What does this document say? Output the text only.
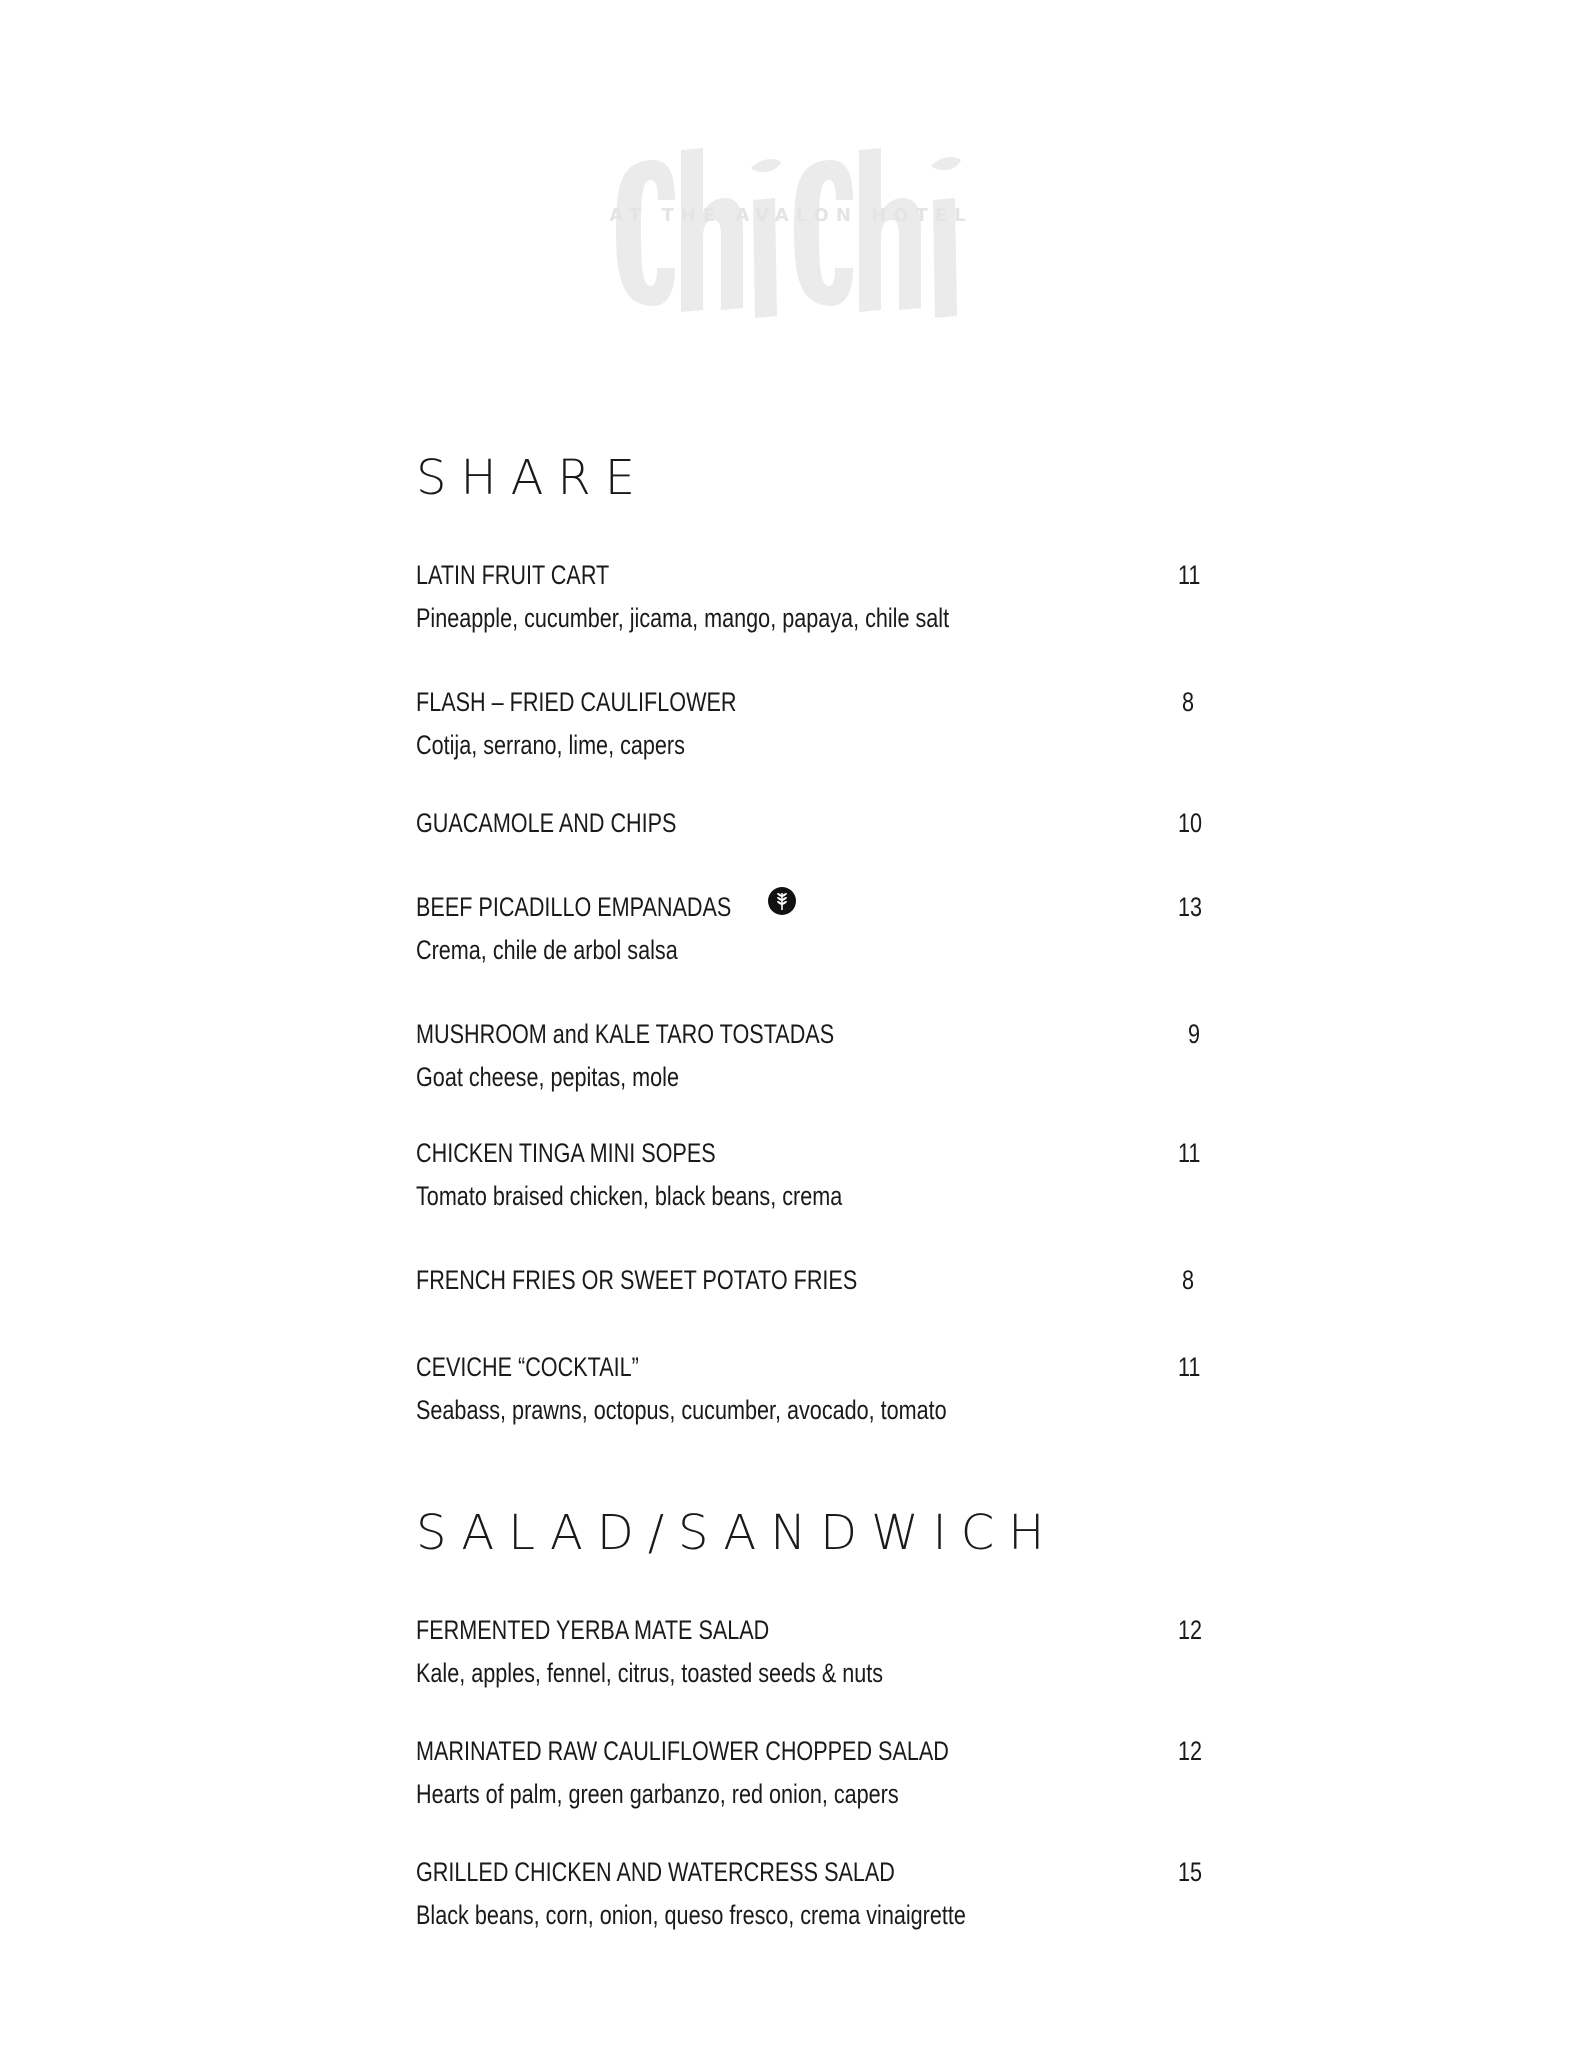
AT THE AVALON HOTEL
SHARE
LATIN FRUIT CART	11
Pineapple, cucumber, jicama, mango, papaya, chile salt
FLASH – FRIED CAULIFLOWER	8
Cotija, serrano, lime, capers
GUACAMOLE AND CHIPS	10
BEEF PICADILLO EMPANADAS	13
Crema, chile de arbol salsa
MUSHROOM and KALE TARO TOSTADAS	9
Goat cheese, pepitas, mole
CHICKEN TINGA MINI SOPES	11
Tomato braised chicken, black beans, crema
FRENCH FRIES OR SWEET POTATO FRIES	8
CEVICHE “COCKTAIL”	11
Seabass, prawns, octopus, cucumber, avocado, tomato
SALAD/SANDWICH
FERMENTED YERBA MATE SALAD	12
Kale, apples, fennel, citrus, toasted seeds & nuts
MARINATED RAW CAULIFLOWER CHOPPED SALAD	12
Hearts of palm, green garbanzo, red onion, capers
GRILLED CHICKEN AND WATERCRESS SALAD	15
Black beans, corn, onion, queso fresco, crema vinaigrette
